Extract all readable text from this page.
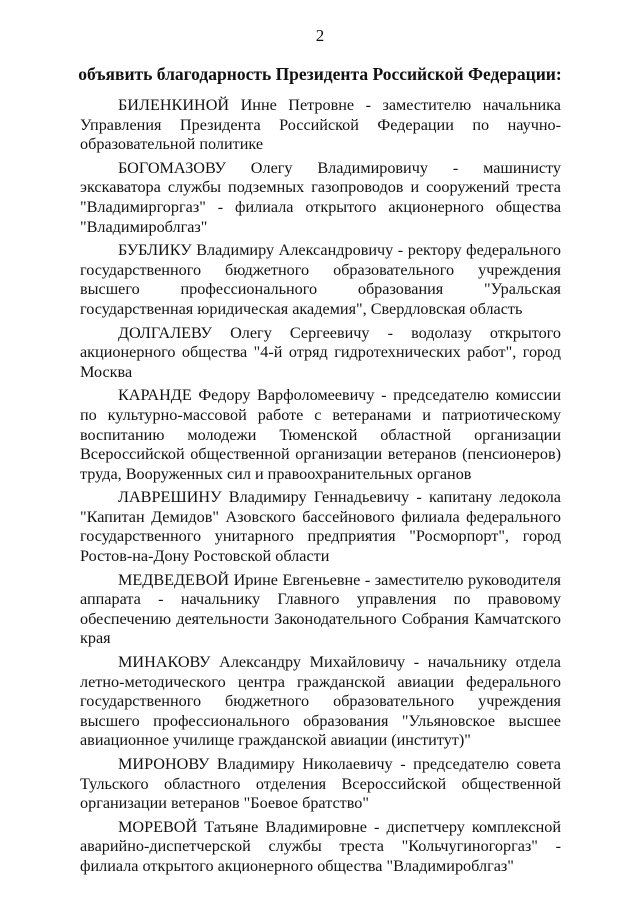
2
объявить благодарность Президента Российской Федерации:

БИЛЕНКИНОЙ Инне Петровне - заместителю начальника Управления Президента Российской Федерации по научно-образовательной политике

БОГОМАЗОВУ Олегу Владимировичу - машинисту экскаватора службы подземных газопроводов и сооружений треста "Владимиргоргаз" - филиала открытого акционерного общества "Владимироблгаз"

БУБЛИКУ Владимиру Александровичу - ректору федерального государственного бюджетного образовательного учреждения высшего профессионального образования "Уральская государственная юридическая академия", Свердловская область

ДОЛГАЛЕВУ Олегу Сергеевичу - водолазу открытого акционерного общества "4-й отряд гидротехнических работ", город Москва

КАРАНДЕ Федору Варфоломеевичу - председателю комиссии по культурно-массовой работе с ветеранами и патриотическому воспитанию молодежи Тюменской областной организации Всероссийской общественной организации ветеранов (пенсионеров) труда, Вооруженных сил и правоохранительных органов

ЛАВРЕШИНУ Владимиру Геннадьевичу - капитану ледокола "Капитан Демидов" Азовского бассейнового филиала федерального государственного унитарного предприятия "Росморпорт", город Ростов-на-Дону Ростовской области

МЕДВЕДЕВОЙ Ирине Евгеньевне - заместителю руководителя аппарата - начальнику Главного управления по правовому обеспечению деятельности Законодательного Собрания Камчатского края

МИНАКОВУ Александру Михайловичу - начальнику отдела летно-методического центра гражданской авиации федерального государственного бюджетного образовательного учреждения высшего профессионального образования "Ульяновское высшее авиационное училище гражданской авиации (институт)"

МИРОНОВУ Владимиру Николаевичу - председателю совета Тульского областного отделения Всероссийской общественной организации ветеранов "Боевое братство"

МОРЕВОЙ Татьяне Владимировне - диспетчеру комплексной аварийно-диспетчерской службы треста "Кольчугиногоргаз" - филиала открытого акционерного общества "Владимироблгаз"
